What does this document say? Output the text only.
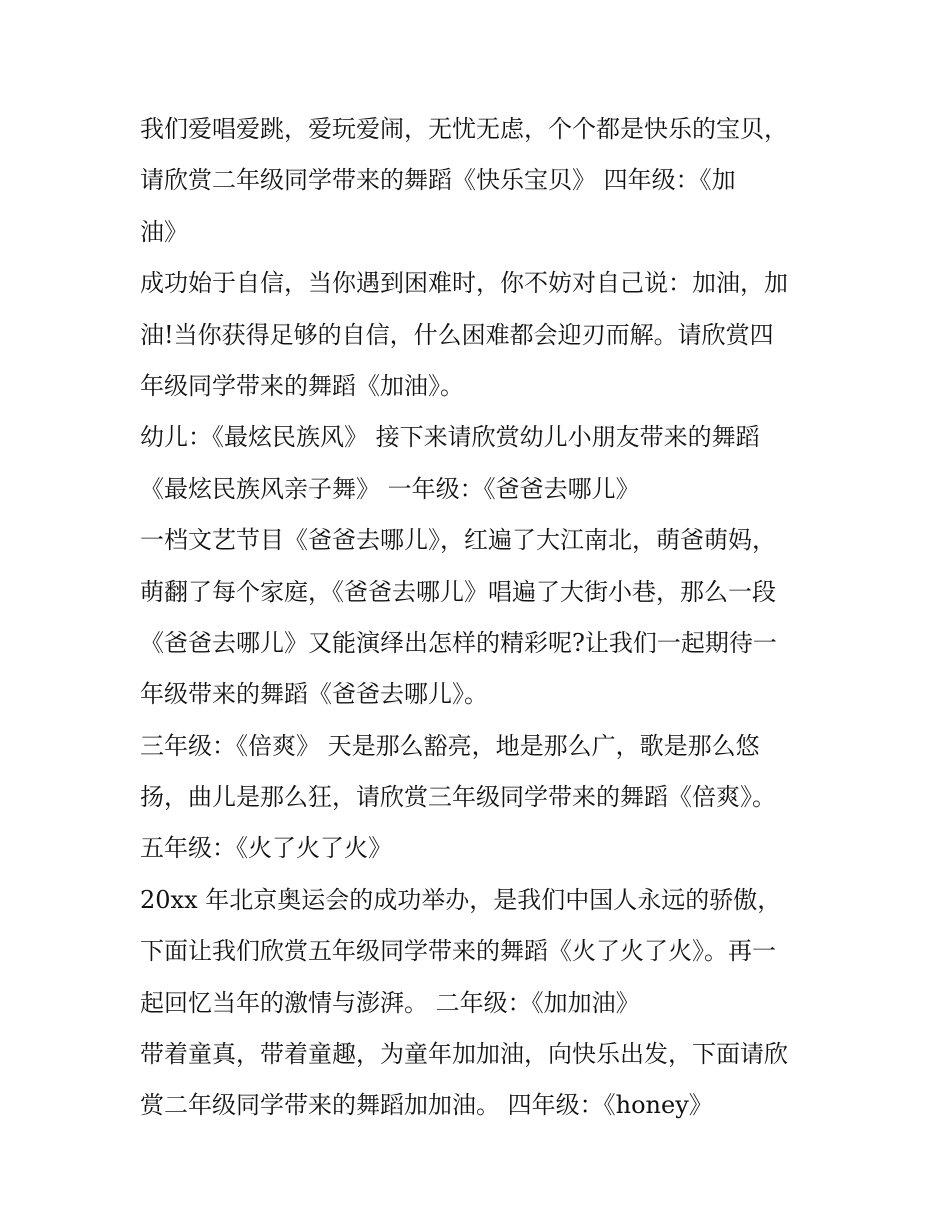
我们爱唱爱跳，爱玩爱闹，无忧无虑，个个都是快乐的宝贝，
请欣赏二年级同学带来的舞蹈《快乐宝贝》 四年级：《加
油》
成功始于自信，当你遇到困难时，你不妨对自己说：加油，加
油!当你获得足够的自信，什么困难都会迎刃而解。请欣赏四
年级同学带来的舞蹈《加油》。
幼儿：《最炫民族风》 接下来请欣赏幼儿小朋友带来的舞蹈
《最炫民族风亲子舞》 一年级：《爸爸去哪儿》
一档文艺节目《爸爸去哪儿》，红遍了大江南北，萌爸萌妈，
萌翻了每个家庭，《爸爸去哪儿》唱遍了大街小巷，那么一段
《爸爸去哪儿》又能演绎出怎样的精彩呢?让我们一起期待一
年级带来的舞蹈《爸爸去哪儿》。
三年级：《倍爽》 天是那么豁亮，地是那么广，歌是那么悠
扬，曲儿是那么狂，请欣赏三年级同学带来的舞蹈《倍爽》。
五年级：《火了火了火》
20xx 年北京奥运会的成功举办，是我们中国人永远的骄傲，
下面让我们欣赏五年级同学带来的舞蹈《火了火了火》。再一
起回忆当年的激情与澎湃。 二年级：《加加油》
带着童真，带着童趣，为童年加加油，向快乐出发，下面请欣
赏二年级同学带来的舞蹈加加油。 四年级：《honey》
